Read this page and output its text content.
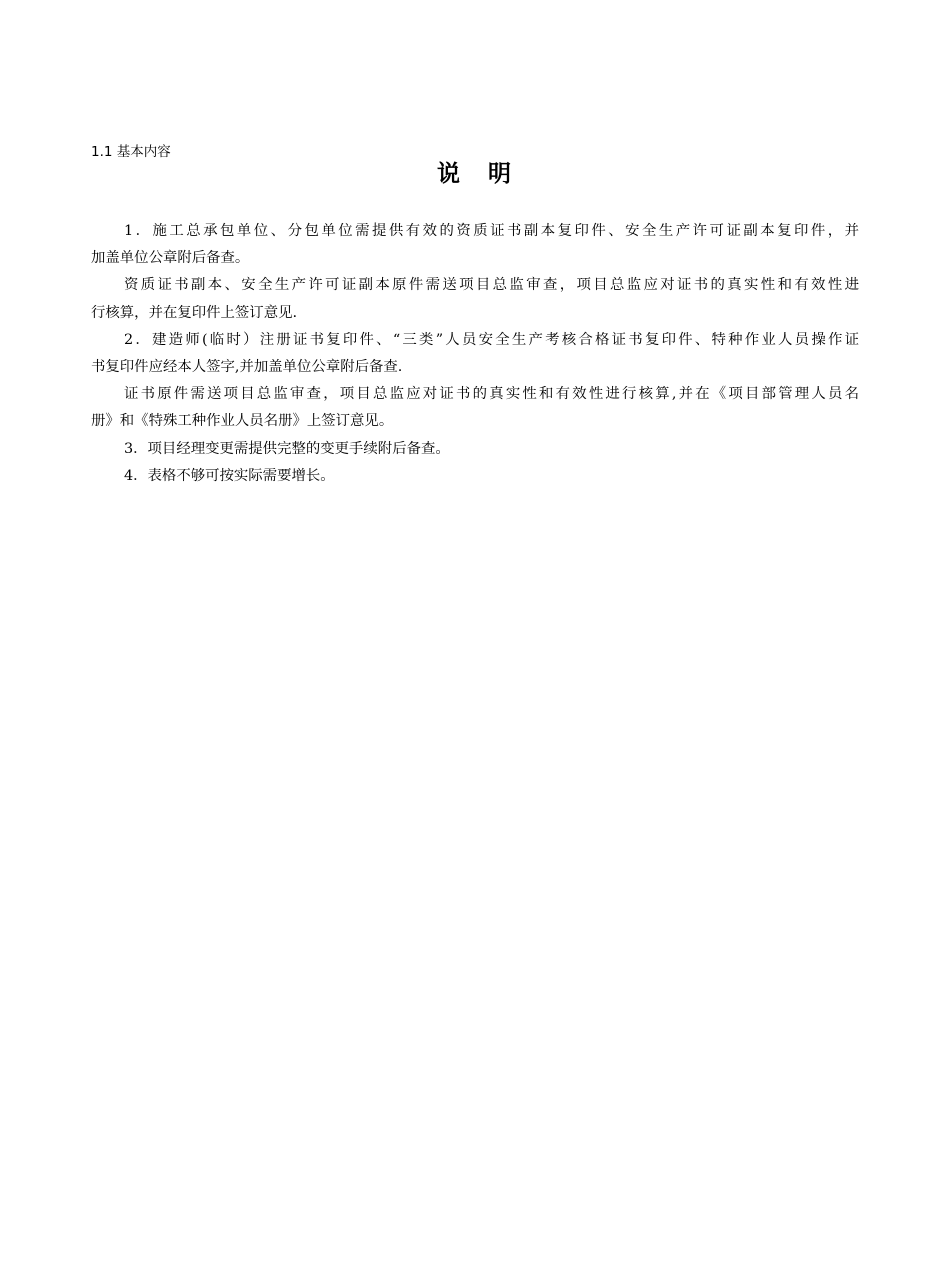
1.1 基本内容
说 明
1．施工总承包单位、分包单位需提供有效的资质证书副本复印件、安全生产许可证副本复印件，并
加盖单位公章附后备查。
资质证书副本、安全生产许可证副本原件需送项目总监审查，项目总监应对证书的真实性和有效性进
行核算，并在复印件上签订意见.
2．建造师(临时）注册证书复印件、“三类”人员安全生产考核合格证书复印件、特种作业人员操作证
书复印件应经本人签字,并加盖单位公章附后备查.
证书原件需送项目总监审查，项目总监应对证书的真实性和有效性进行核算,并在《项目部管理人员名
册》和《特殊工种作业人员名册》上签订意见。
3．项目经理变更需提供完整的变更手续附后备查。
4．表格不够可按实际需要增长。
